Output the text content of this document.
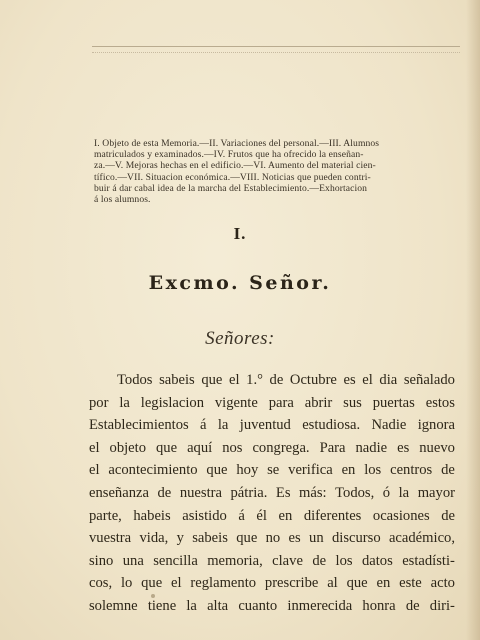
I. Objeto de esta Memoria.—II. Variaciones del personal.—III. Alumnos
matriculados y examinados.—IV. Frutos que ha ofrecido la enseñan-
za.—V. Mejoras hechas en el edificio.—VI. Aumento del material cien-
tífico.—VII. Situacion económica.—VIII. Noticias que pueden contri-
buir á dar cabal idea de la marcha del Establecimiento.—Exhortacion
á los alumnos.
I.
Excmo. Señor.
Señores:
Todos sabeis que el 1.° de Octubre es el dia señalado
por la legislacion vigente para abrir sus puertas estos
Establecimientos á la juventud estudiosa. Nadie ignora
el objeto que aquí nos congrega. Para nadie es nuevo
el acontecimiento que hoy se verifica en los centros de
enseñanza de nuestra pátria. Es más: Todos, ó la mayor
parte, habeis asistido á él en diferentes ocasiones de
vuestra vida, y sabeis que no es un discurso académico,
sino una sencilla memoria, clave de los datos estadísti-
cos, lo que el reglamento prescribe al que en este acto
solemne tiene la alta cuanto inmerecida honra de diri-
